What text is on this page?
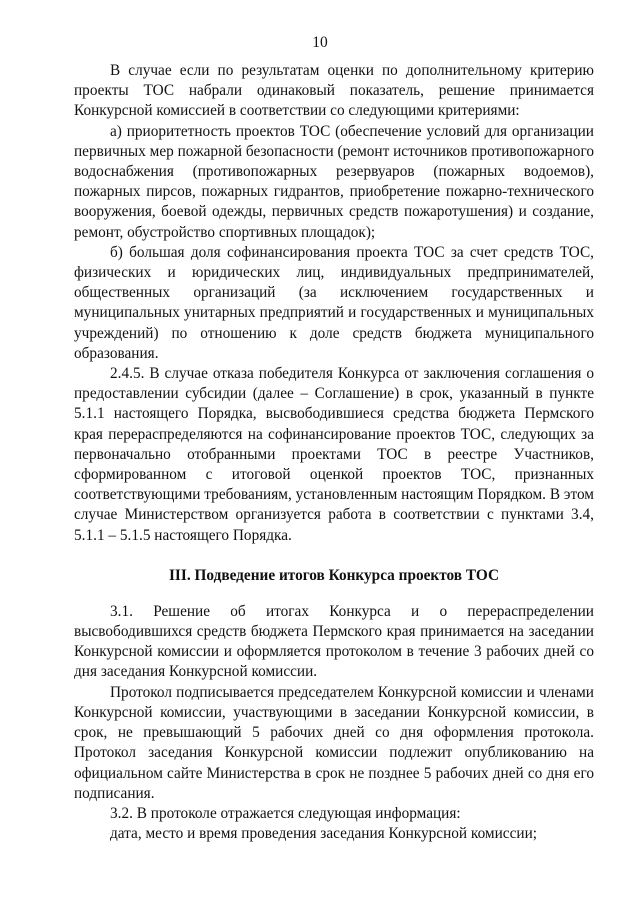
10

В случае если по результатам оценки по дополнительному критерию проекты ТОС набрали одинаковый показатель, решение принимается Конкурсной комиссией в соответствии со следующими критериями:

а) приоритетность проектов ТОС (обеспечение условий для организации первичных мер пожарной безопасности (ремонт источников противопожарного водоснабжения (противопожарных резервуаров (пожарных водоемов), пожарных пирсов, пожарных гидрантов, приобретение пожарно-технического вооружения, боевой одежды, первичных средств пожаротушения) и создание, ремонт, обустройство спортивных площадок);

б) большая доля софинансирования проекта ТОС за счет средств ТОС, физических и юридических лиц, индивидуальных предпринимателей, общественных организаций (за исключением государственных и муниципальных унитарных предприятий и государственных и муниципальных учреждений) по отношению к доле средств бюджета муниципального образования.

2.4.5. В случае отказа победителя Конкурса от заключения соглашения о предоставлении субсидии (далее – Соглашение) в срок, указанный в пункте 5.1.1 настоящего Порядка, высвободившиеся средства бюджета Пермского края перераспределяются на софинансирование проектов ТОС, следующих за первоначально отобранными проектами ТОС в реестре Участников, сформированном с итоговой оценкой проектов ТОС, признанных соответствующими требованиям, установленным настоящим Порядком. В этом случае Министерством организуется работа в соответствии с пунктами 3.4, 5.1.1 – 5.1.5 настоящего Порядка.

III. Подведение итогов Конкурса проектов ТОС

3.1. Решение об итогах Конкурса и о перераспределении высвободившихся средств бюджета Пермского края принимается на заседании Конкурсной комиссии и оформляется протоколом в течение 3 рабочих дней со дня заседания Конкурсной комиссии.

Протокол подписывается председателем Конкурсной комиссии и членами Конкурсной комиссии, участвующими в заседании Конкурсной комиссии, в срок, не превышающий 5 рабочих дней со дня оформления протокола. Протокол заседания Конкурсной комиссии подлежит опубликованию на официальном сайте Министерства в срок не позднее 5 рабочих дней со дня его подписания.

3.2. В протоколе отражается следующая информация:

дата, место и время проведения заседания Конкурсной комиссии;
